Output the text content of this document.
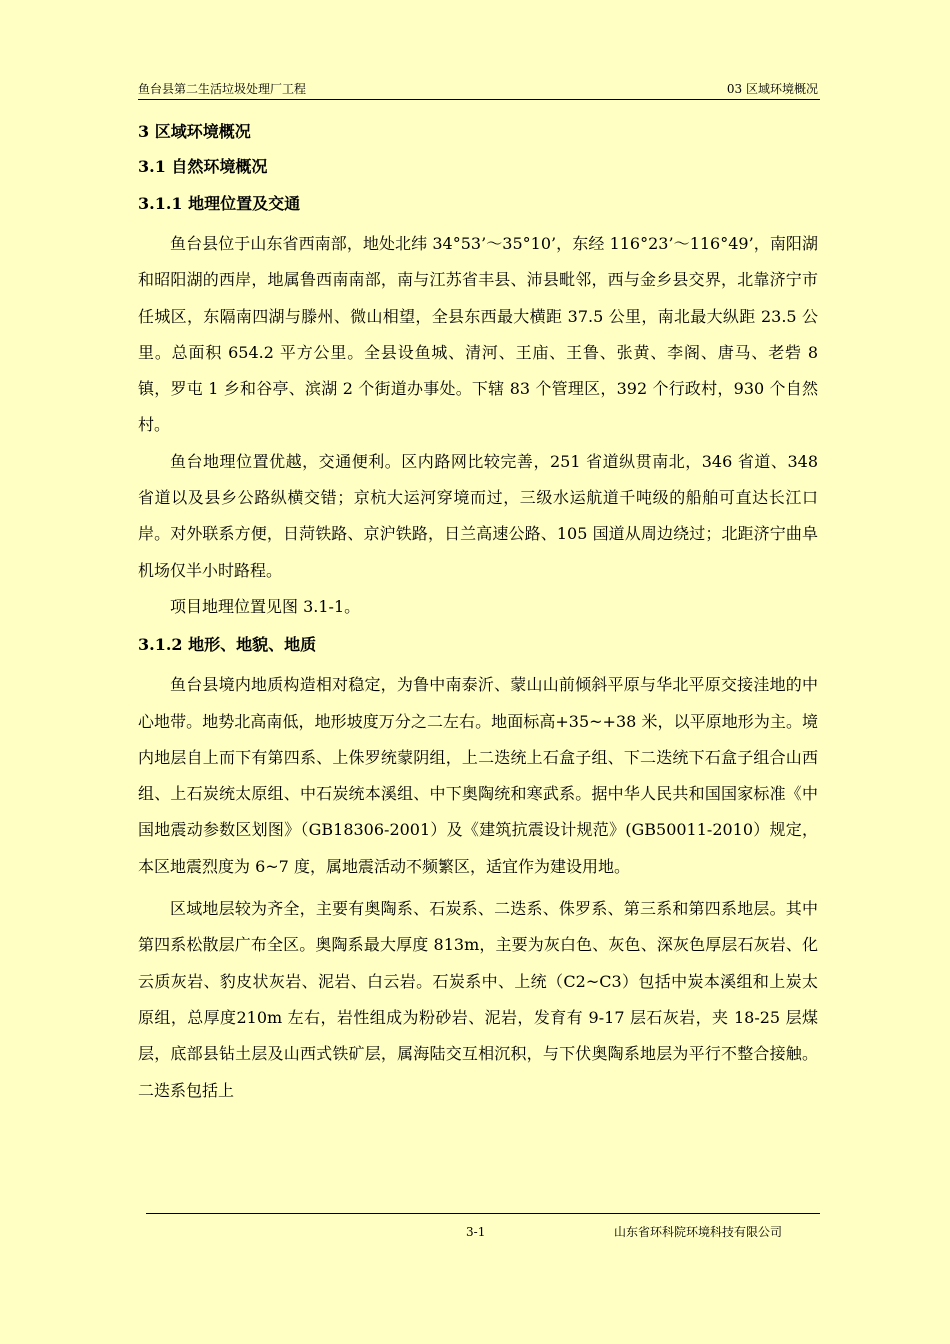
鱼台县第二生活垃圾处理厂工程	03 区域环境概况
3 区域环境概况
3.1 自然环境概况
3.1.1 地理位置及交通

鱼台县位于山东省西南部，地处北纬 34°53’～35°10’，东经 116°23’～116°49’，南阳湖和昭阳湖的西岸，地属鲁西南南部，南与江苏省丰县、沛县毗邻，西与金乡县交界，北靠济宁市任城区，东隔南四湖与滕州、微山相望，全县东西最大横距 37.5 公里，南北最大纵距 23.5 公里。总面积 654.2 平方公里。全县设鱼城、清河、王庙、王鲁、张黄、李阁、唐马、老砦 8 镇，罗屯 1 乡和谷亭、滨湖 2 个街道办事处。下辖 83 个管理区，392 个行政村，930 个自然村。

鱼台地理位置优越，交通便利。区内路网比较完善，251 省道纵贯南北，346 省道、348 省道以及县乡公路纵横交错；京杭大运河穿境而过，三级水运航道千吨级的船舶可直达长江口岸。对外联系方便，日菏铁路、京沪铁路，日兰高速公路、105 国道从周边绕过；北距济宁曲阜机场仅半小时路程。

项目地理位置见图 3.1-1。

3.1.2 地形、地貌、地质

鱼台县境内地质构造相对稳定，为鲁中南泰沂、蒙山山前倾斜平原与华北平原交接洼地的中心地带。地势北高南低，地形坡度万分之二左右。地面标高+35~+38 米，以平原地形为主。境内地层自上而下有第四系、上侏罗统蒙阴组，上二迭统上石盒子组、下二迭统下石盒子组合山西组、上石炭统太原组、中石炭统本溪组、中下奥陶统和寒武系。据中华人民共和国国家标准《中国地震动参数区划图》（GB18306-2001）及《建筑抗震设计规范》(GB50011-2010）规定，本区地震烈度为 6~7 度，属地震活动不频繁区，适宜作为建设用地。

区域地层较为齐全，主要有奥陶系、石炭系、二迭系、侏罗系、第三系和第四系地层。其中第四系松散层广布全区。奥陶系最大厚度 813m，主要为灰白色、灰色、深灰色厚层石灰岩、化云质灰岩、豹皮状灰岩、泥岩、白云岩。石炭系中、上统（C2~C3）包括中炭本溪组和上炭太原组，总厚度210m 左右，岩性组成为粉砂岩、泥岩，发育有 9-17 层石灰岩，夹 18-25 层煤层，底部县钻土层及山西式铁矿层，属海陆交互相沉积，与下伏奥陶系地层为平行不整合接触。二迭系包括上

3-1	山东省环科院环境科技有限公司
